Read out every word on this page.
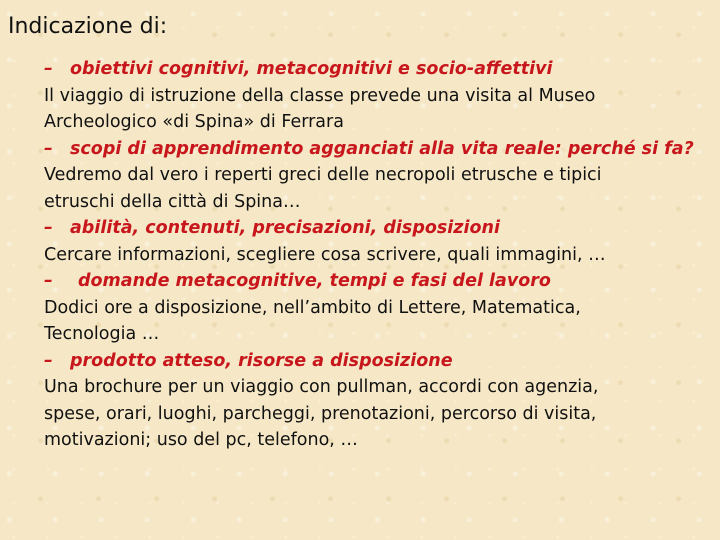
Indicazione di:
– obiettivi cognitivi, metacognitivi e socio-affettivi
Il viaggio di istruzione della classe prevede una visita al Museo
Archeologico «di Spina» di Ferrara
– scopi di apprendimento agganciati alla vita reale: perché si fa?
Vedremo dal vero i reperti greci delle necropoli etrusche e tipici
etruschi della città di Spina…
– abilità, contenuti, precisazioni, disposizioni
Cercare informazioni, scegliere cosa scrivere, quali immagini, …
– domande metacognitive, tempi e fasi del lavoro
Dodici ore a disposizione, nell’ambito di Lettere, Matematica,
Tecnologia …
– prodotto atteso, risorse a disposizione
Una brochure per un viaggio con pullman, accordi con agenzia,
spese, orari, luoghi, parcheggi, prenotazioni, percorso di visita,
motivazioni; uso del pc, telefono, …
